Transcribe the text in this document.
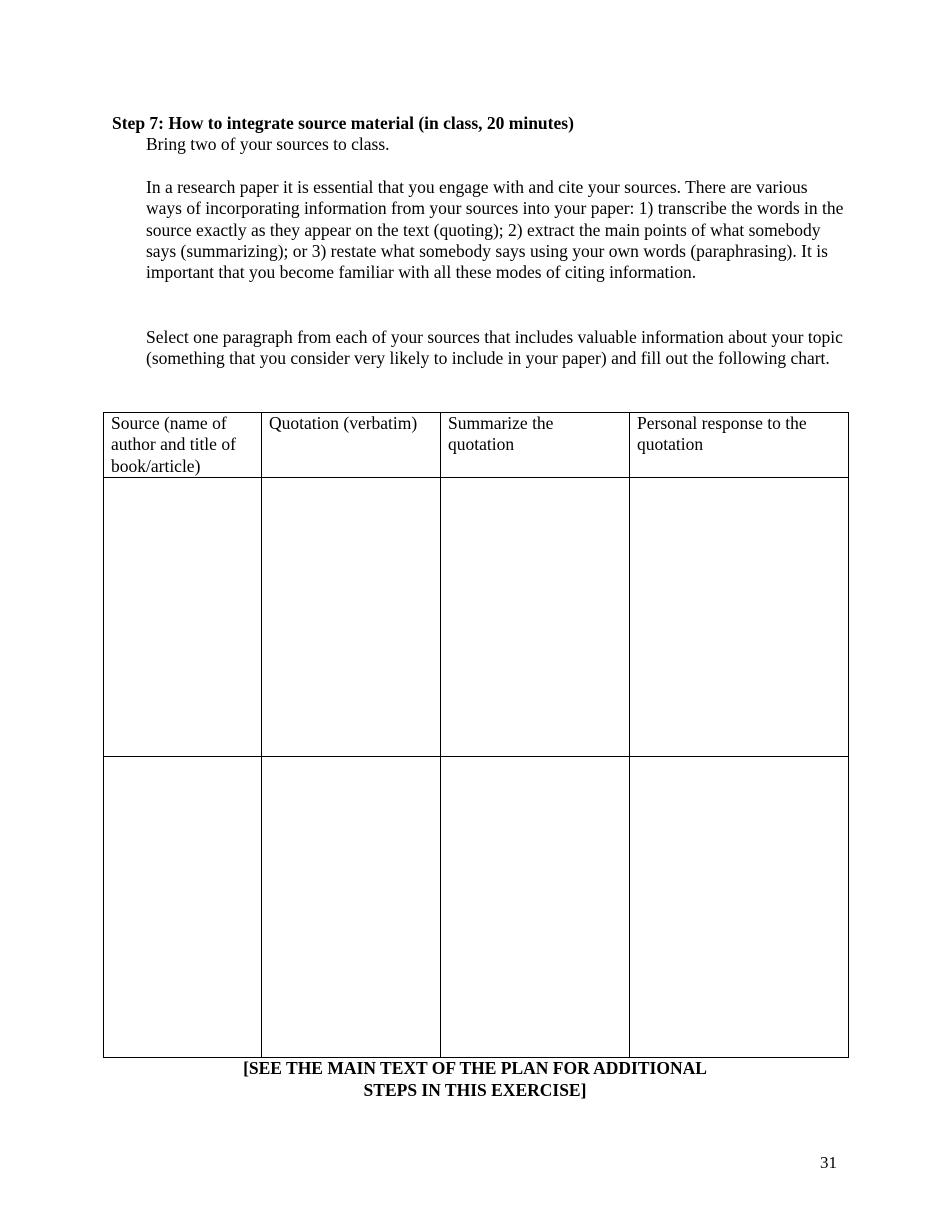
Step 7: How to integrate source material (in class, 20 minutes)

Bring two of your sources to class.

In a research paper it is essential that you engage with and cite your sources. There are various ways of incorporating information from your sources into your paper: 1) transcribe the words in the source exactly as they appear on the text (quoting); 2) extract the main points of what somebody says (summarizing); or 3) restate what somebody says using your own words (paraphrasing). It is important that you become familiar with all these modes of citing information.

Select one paragraph from each of your sources that includes valuable information about your topic (something that you consider very likely to include in your paper) and fill out the following chart.

Source (name of author and title of book/article)	Quotation (verbatim)	Summarize the quotation	Personal response to the quotation

[SEE THE MAIN TEXT OF THE PLAN FOR ADDITIONAL
STEPS IN THIS EXERCISE]
31
